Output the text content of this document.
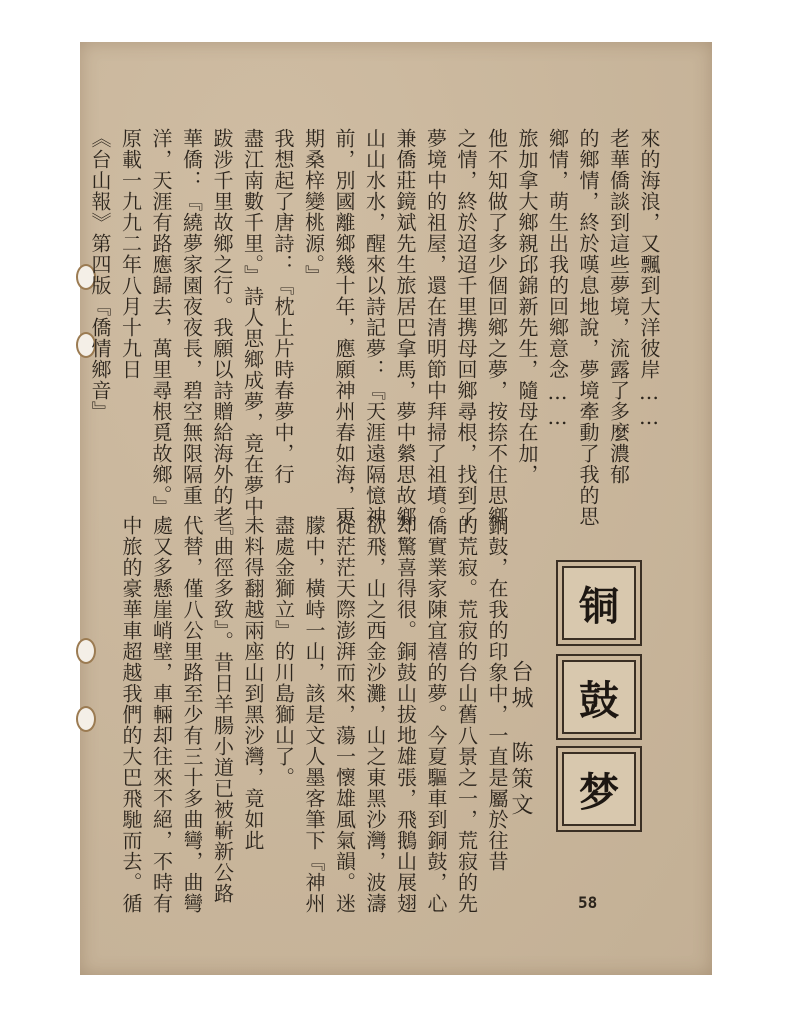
來的海浪，又飄到大洋彼岸……
老華僑談到這些夢境，流露了多麼濃郁
的鄉情，終於嘆息地說，夢境牽動了我的思
鄉情，萌生出我的回鄉意念……
旅加拿大鄉親邱錦新先生，隨母在加，
他不知做了多少個回鄉之夢，按捺不住思鄉
之情，終於迢迢千里携母回鄉尋根，找到了
夢境中的祖屋，還在清明節中拜掃了祖墳。
兼僑莊鏡斌先生旅居巴拿馬，夢中縈思故鄉
山山水水，醒來以詩記夢：『天涯遠隔憶神
前，別國離鄉幾十年，應願神州春如海，更
期桑梓變桃源。』
我想起了唐詩：『枕上片時春夢中，行
盡江南數千里。』詩人思鄉成夢，竟在夢中
跋涉千里故鄉之行。我願以詩贈給海外的老
華僑：『繞夢家園夜夜長，碧空無限隔重
洋，天涯有路應歸去，萬里尋根覓故鄉。』
原載一九九二年八月十九日
《台山報》第四版『僑情鄉音』
銅鼓，在我的印象中，一直是屬於往昔
的荒寂。荒寂的台山舊八景之一，荒寂的先
僑實業家陳宜禧的夢。今夏驅車到銅鼓，心
却驚喜得很。銅鼓山拔地雄張，飛鵝山展翅
欲飛，山之西金沙灘，山之東黑沙灣，波濤
從茫茫天際澎湃而來，蕩一懷雄風氣韻。迷
朦中，橫峙一山，該是文人墨客筆下『神州
盡處金獅立』的川島獅山了。
未料得翻越兩座山到黑沙灣，竟如此
『曲徑多致』。昔日羊腸小道已被嶄新公路
代替，僅八公里路至少有三十多曲彎，曲彎
處又多懸崖峭壁，車輛却往來不絕，不時有
中旅的豪華車超越我們的大巴飛馳而去。循	铜
鼓
梦
台城 陈策文
58
